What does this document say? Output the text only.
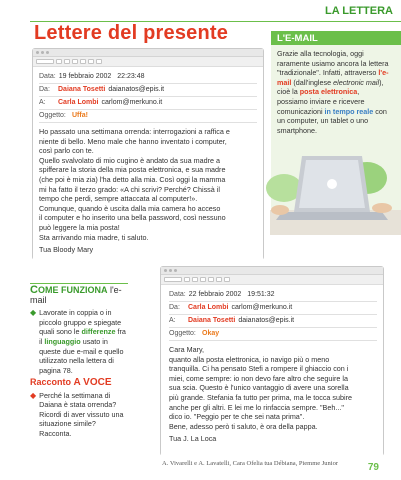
LA LETTERA
Lettere del presente
Data: 19 febbraio 2002 22:23:48
Da:	Daiana Tosetti daianatos@epis.it
A:	Carla Lombi carlom@merkuno.it
Oggetto: Uffa!

Ho passato una settimana orrenda: interrogazioni a raffica e

niente di bello. Meno male che hanno inventato i computer,

così parlo con te.

Quello svalvolato di mio cugino è andato da sua madre a

spifferare la storia della mia posta elettronica, e sua madre

(che poi è mia zia) l'ha detto alla mia. Così oggi la mamma

mi ha fatto il terzo grado: «A chi scrivi? Perché? Chissà il

tempo che perdi, sempre attaccata al computer!».

Comunque, quando è uscita dalla mia camera ho acceso

il computer e ho inserito una bella password, così nessuno

può leggere la mia posta!

Sta arrivando mia madre, ti saluto.

Tua Bloody Mary

L'E-MAIL
Grazie alla tecnologia, oggi raramente usiamo ancora la lettera "tradizionale". Infatti, attraverso l'e-mail (dall'inglese electronic mail), cioè la posta elettronica, possiamo inviare e ricevere comunicazioni in tempo reale con un computer, un tablet o uno smartphone.
COME FUNZIONA l'e-mail
◆ Lavorate in coppia o in piccolo gruppo e spiegate quali sono le differenze fra il linguaggio usato in queste due e-mail e quello utilizzato nella lettera di pagina 78.
Racconto A VOCE
◆ Perché la settimana di Daiana è stata orrenda? Ricordi di aver vissuto una situazione simile? Racconta.
Data: 22 febbraio 2002 19:51:32
Da:	Carla Lombi carlom@merkuno.it
A:	Daiana Tosetti daianatos@epis.it
Oggetto: Okay

Cara Mary,

quanto alla posta elettronica, io navigo più o meno

tranquilla. Ci ha pensato Stefi a rompere il ghiaccio con i

miei, come sempre: io non devo fare altro che seguire la

sua scia. Questo è l'unico vantaggio di avere una sorella

più grande. Stefania fa tutto per prima, ma le tocca subire

anche per gli altri. E lei me lo rinfaccia sempre. "Beh..."

dico io. "Peggio per te che sei nata prima".

Bene, adesso però ti saluto, è ora della pappa.

Tua J. La Loca

A. Vivarelli e A. Lavatelli, Cara Ofelia tua Débiana, Piemme Junior	79
